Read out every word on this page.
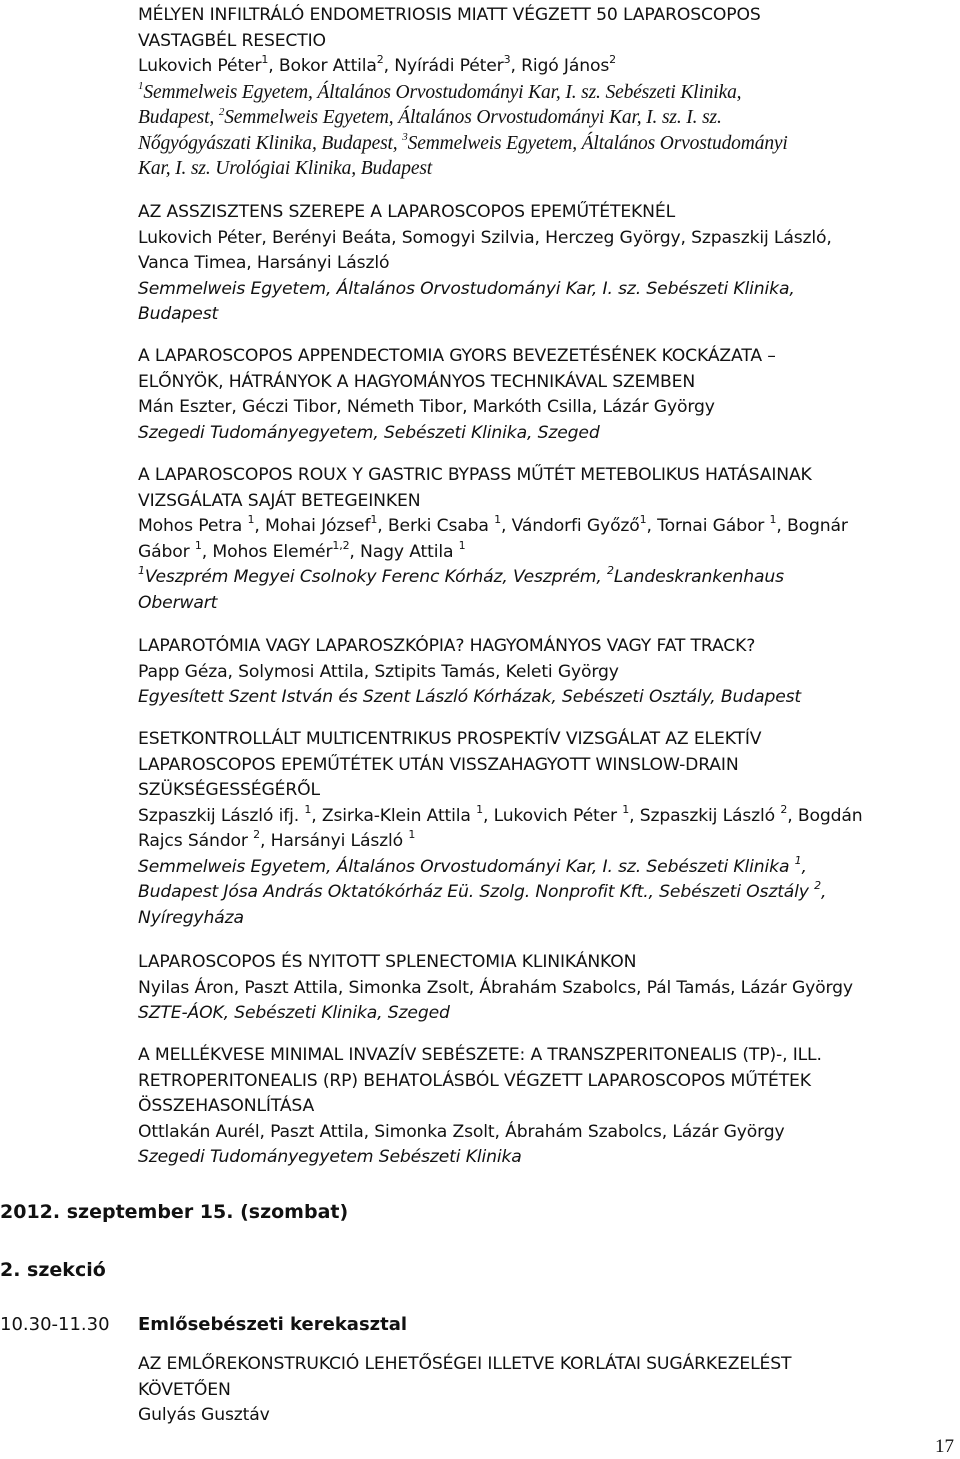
MÉLYEN INFILTRÁLÓ ENDOMETRIOSIS MIATT VÉGZETT 50 LAPAROSCOPOS

VASTAGBÉL RESECTIO

Lukovich Péter$^1$, Bokor Attila$^2$, Nyírádi Péter$^3$, Rigó János$^2$

$^1$Semmelweis Egyetem, Általános Orvostudományi Kar, I. sz. Sebészeti Klinika,

Budapest, $^2$Semmelweis Egyetem, Általános Orvostudományi Kar, I. sz. I. sz.

Nőgyógyászati Klinika, Budapest, $^3$Semmelweis Egyetem, Általános Orvostudományi

Kar, I. sz. Urológiai Klinika, Budapest

AZ ASSZISZTENS SZEREPE A LAPAROSCOPOS EPEMŰTÉTEKNÉL

Lukovich Péter, Berényi Beáta, Somogyi Szilvia, Herczeg György, Szpaszkij László,

Vanca Timea, Harsányi László

Semmelweis Egyetem, Általános Orvostudományi Kar, I. sz. Sebészeti Klinika,

Budapest

A LAPAROSCOPOS APPENDECTOMIA GYORS BEVEZETÉSÉNEK KOCKÁZATA –

ELŐNYÖK, HÁTRÁNYOK A HAGYOMÁNYOS TECHNIKÁVAL SZEMBEN

Mán Eszter, Géczi Tibor, Németh Tibor, Markóth Csilla, Lázár György

Szegedi Tudományegyetem, Sebészeti Klinika, Szeged

A LAPAROSCOPOS ROUX Y GASTRIC BYPASS MŰTÉT METEBOLIKUS HATÁSAINAK

VIZSGÁLATA SAJÁT BETEGEINKEN

Mohos Petra $^1$, Mohai József$^1$, Berki Csaba $^1$, Vándorfi Győző$^1$, Tornai Gábor $^1$, Bognár

Gábor $^1$, Mohos Elemér$^{1,2}$, Nagy Attila $^1$

$^1$Veszprém Megyei Csolnoky Ferenc Kórház, Veszprém, $^2$Landeskrankenhaus

Oberwart

LAPAROTÓMIA VAGY LAPAROSZKÓPIA? HAGYOMÁNYOS VAGY FAT TRACK?

Papp Géza, Solymosi Attila, Sztipits Tamás, Keleti György

Egyesített Szent István és Szent László Kórházak, Sebészeti Osztály, Budapest

ESETKONTROLLÁLT MULTICENTRIKUS PROSPEKTÍV VIZSGÁLAT AZ ELEKTÍV

LAPAROSCOPOS EPEMŰTÉTEK UTÁN VISSZAHAGYOTT WINSLOW-DRAIN

SZÜKSÉGESSÉGÉRŐL

Szpaszkij László ifj. $^1$, Zsirka-Klein Attila $^1$, Lukovich Péter $^1$, Szpaszkij László $^2$, Bogdán

Rajcs Sándor $^2$, Harsányi László $^1$

Semmelweis Egyetem, Általános Orvostudományi Kar, I. sz. Sebészeti Klinika $^1$,

Budapest Jósa András Oktatókórház Eü. Szolg. Nonprofit Kft., Sebészeti Osztály $^2$,

Nyíregyháza

LAPAROSCOPOS ÉS NYITOTT SPLENECTOMIA KLINIKÁNKON

Nyilas Áron, Paszt Attila, Simonka Zsolt, Ábrahám Szabolcs, Pál Tamás, Lázár György

SZTE-ÁOK, Sebészeti Klinika, Szeged

A MELLÉKVESE MINIMAL INVAZÍV SEBÉSZETE: A TRANSZPERITONEALIS (TP)-, ILL.

RETROPERITONEALIS (RP) BEHATOLÁSBÓL VÉGZETT LAPAROSCOPOS MŰTÉTEK

ÖSSZEHASONLÍTÁSA

Ottlakán Aurél, Paszt Attila, Simonka Zsolt, Ábrahám Szabolcs, Lázár György

Szegedi Tudományegyetem Sebészeti Klinika

2012. szeptember 15. (szombat)
2. szekció
10.30-11.30 Emlősebészeti kerekasztal

AZ EMLŐREKONSTRUKCIÓ LEHETŐSÉGEI ILLETVE KORLÁTAI SUGÁRKEZELÉST

KÖVETŐEN

Gulyás Gusztáv

17
